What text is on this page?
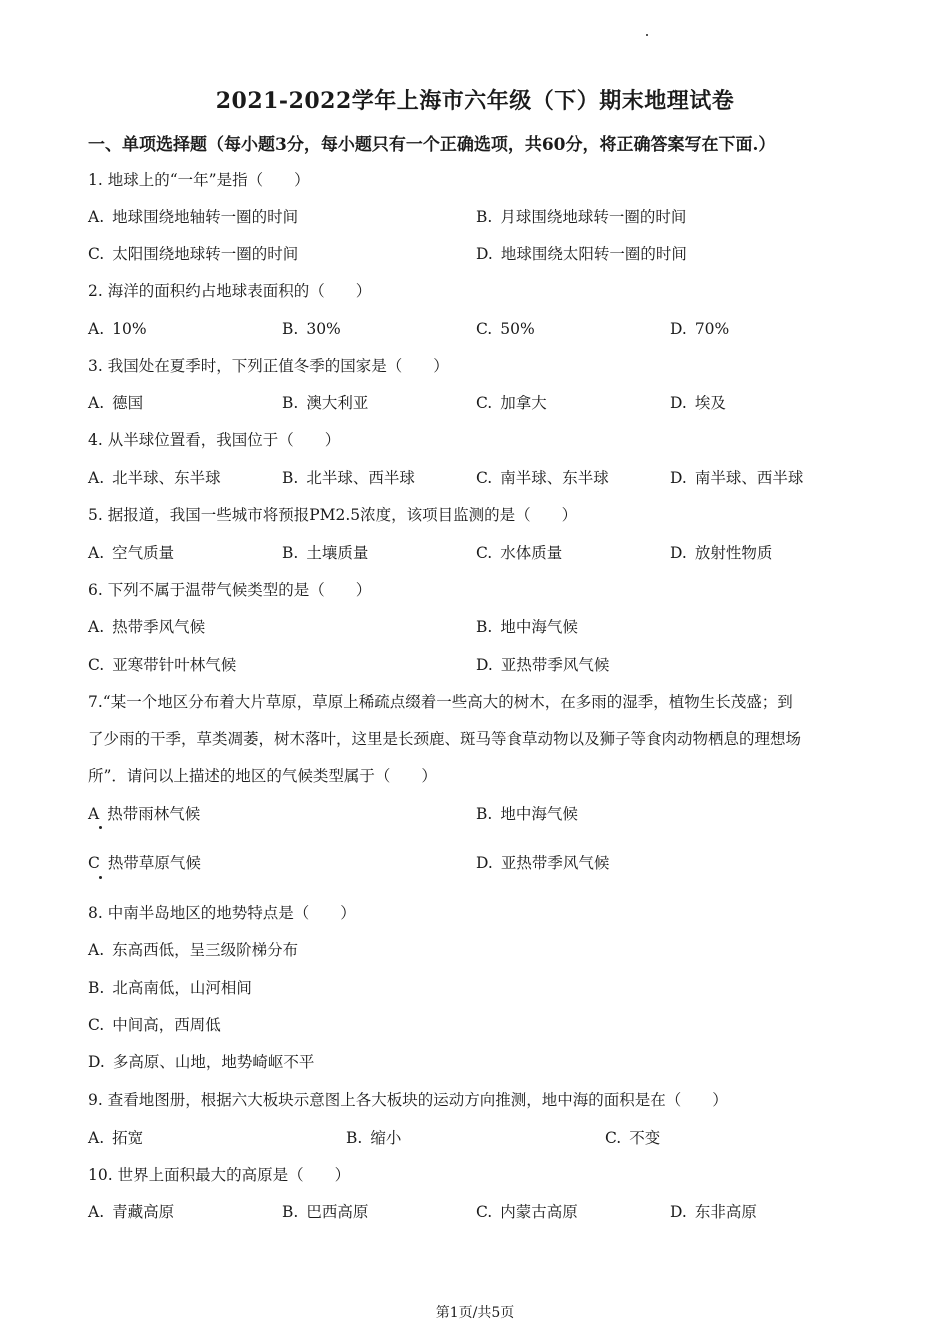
2021-2022学年上海市六年级（下）期末地理试卷
一、单项选择题（每小题3分，每小题只有一个正确选项，共60分，将正确答案写在下面.）
1. 地球上的“一年”是指（　　）
A. 地球围绕地轴转一圈的时间	B. 月球围绕地球转一圈的时间
C. 太阳围绕地球转一圈的时间	D. 地球围绕太阳转一圈的时间
2. 海洋的面积约占地球表面积的（　　）
A. 10%	B. 30%	C. 50%	D. 70%
3. 我国处在夏季时，下列正值冬季的国家是（　　）
A. 德国	B. 澳大利亚	C. 加拿大	D. 埃及
4. 从半球位置看，我国位于（　　）
A. 北半球、东半球	B. 北半球、西半球	C. 南半球、东半球	D. 南半球、西半球
5. 据报道，我国一些城市将预报PM2.5浓度，该项目监测的是（　　）
A. 空气质量	B. 土壤质量	C. 水体质量	D. 放射性物质
6. 下列不属于温带气候类型的是（　　）
A. 热带季风气候	B. 地中海气候
C. 亚寒带针叶林气候	D. 亚热带季风气候
7.“某一个地区分布着大片草原，草原上稀疏点缀着一些高大的树木，在多雨的湿季，植物生长茂盛；到
了少雨的干季，草类凋萎，树木落叶，这里是长颈鹿、斑马等食草动物以及狮子等食肉动物栖息的理想场
所”．请问以上描述的地区的气候类型属于（　　）
A 热带雨林气候	B. 地中海气候
C 热带草原气候	D. 亚热带季风气候
8. 中南半岛地区的地势特点是（　　）
A. 东高西低，呈三级阶梯分布
B. 北高南低，山河相间
C. 中间高，西周低
D. 多高原、山地，地势崎岖不平
9. 查看地图册，根据六大板块示意图上各大板块的运动方向推测，地中海的面积是在（　　）
A. 拓宽	B. 缩小	C. 不变
10. 世界上面积最大的高原是（　　）
A. 青藏高原	B. 巴西高原	C. 内蒙古高原	D. 东非高原
第1页/共5页
